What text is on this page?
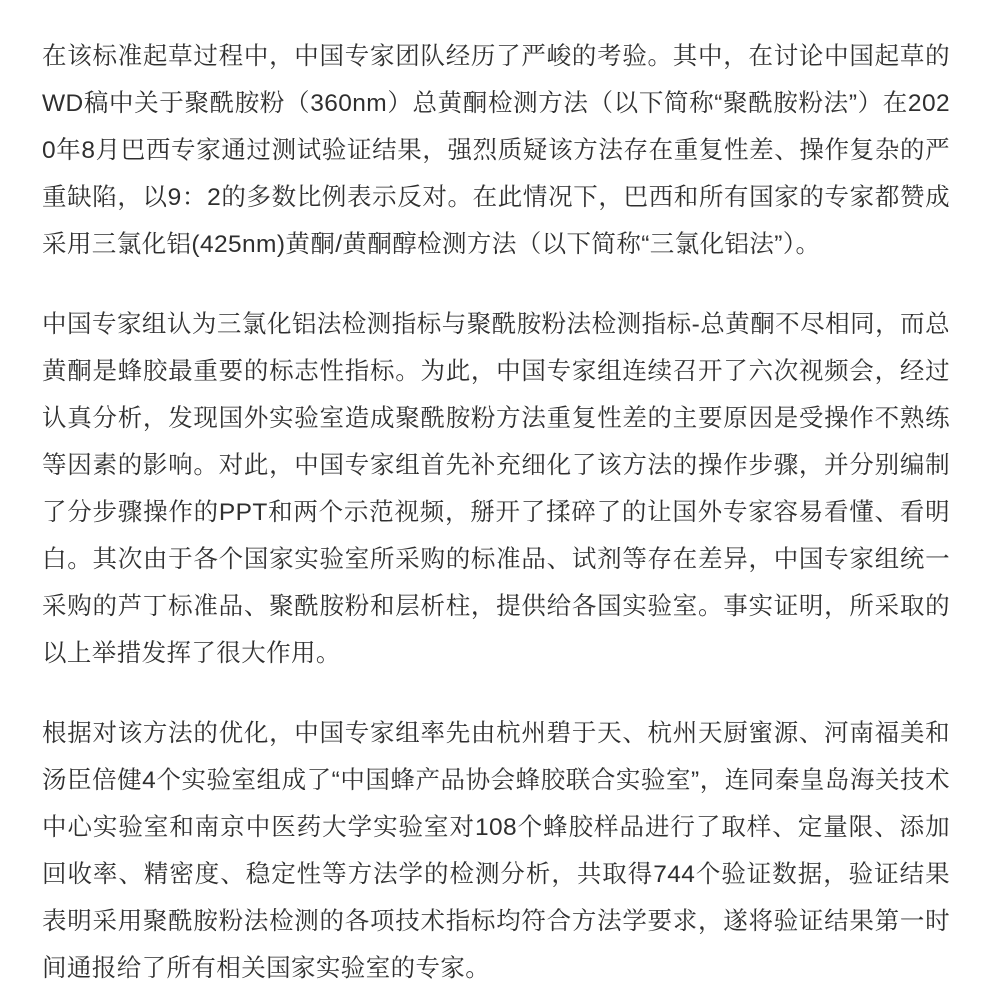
在该标准起草过程中，中国专家团队经历了严峻的考验。其中，在讨论中国起草的WD稿中关于聚酰胺粉（360nm）总黄酮检测方法（以下简称“聚酰胺粉法”）在2020年8月巴西专家通过测试验证结果，强烈质疑该方法存在重复性差、操作复杂的严重缺陷，以9：2的多数比例表示反对。在此情况下，巴西和所有国家的专家都赞成采用三氯化铝(425nm)黄酮/黄酮醇检测方法（以下简称“三氯化铝法”）。

中国专家组认为三氯化铝法检测指标与聚酰胺粉法检测指标-总黄酮不尽相同，而总黄酮是蜂胶最重要的标志性指标。为此，中国专家组连续召开了六次视频会，经过认真分析，发现国外实验室造成聚酰胺粉方法重复性差的主要原因是受操作不熟练等因素的影响。对此，中国专家组首先补充细化了该方法的操作步骤，并分别编制了分步骤操作的PPT和两个示范视频，掰开了揉碎了的让国外专家容易看懂、看明白。其次由于各个国家实验室所采购的标准品、试剂等存在差异，中国专家组统一采购的芦丁标准品、聚酰胺粉和层析柱，提供给各国实验室。事实证明，所采取的以上举措发挥了很大作用。

根据对该方法的优化，中国专家组率先由杭州碧于天、杭州天厨蜜源、河南福美和汤臣倍健4个实验室组成了“中国蜂产品协会蜂胶联合实验室”，连同秦皇岛海关技术中心实验室和南京中医药大学实验室对108个蜂胶样品进行了取样、定量限、添加回收率、精密度、稳定性等方法学的检测分析，共取得744个验证数据，验证结果表明采用聚酰胺粉法检测的各项技术指标均符合方法学要求，遂将验证结果第一时间通报给了所有相关国家实验室的专家。
